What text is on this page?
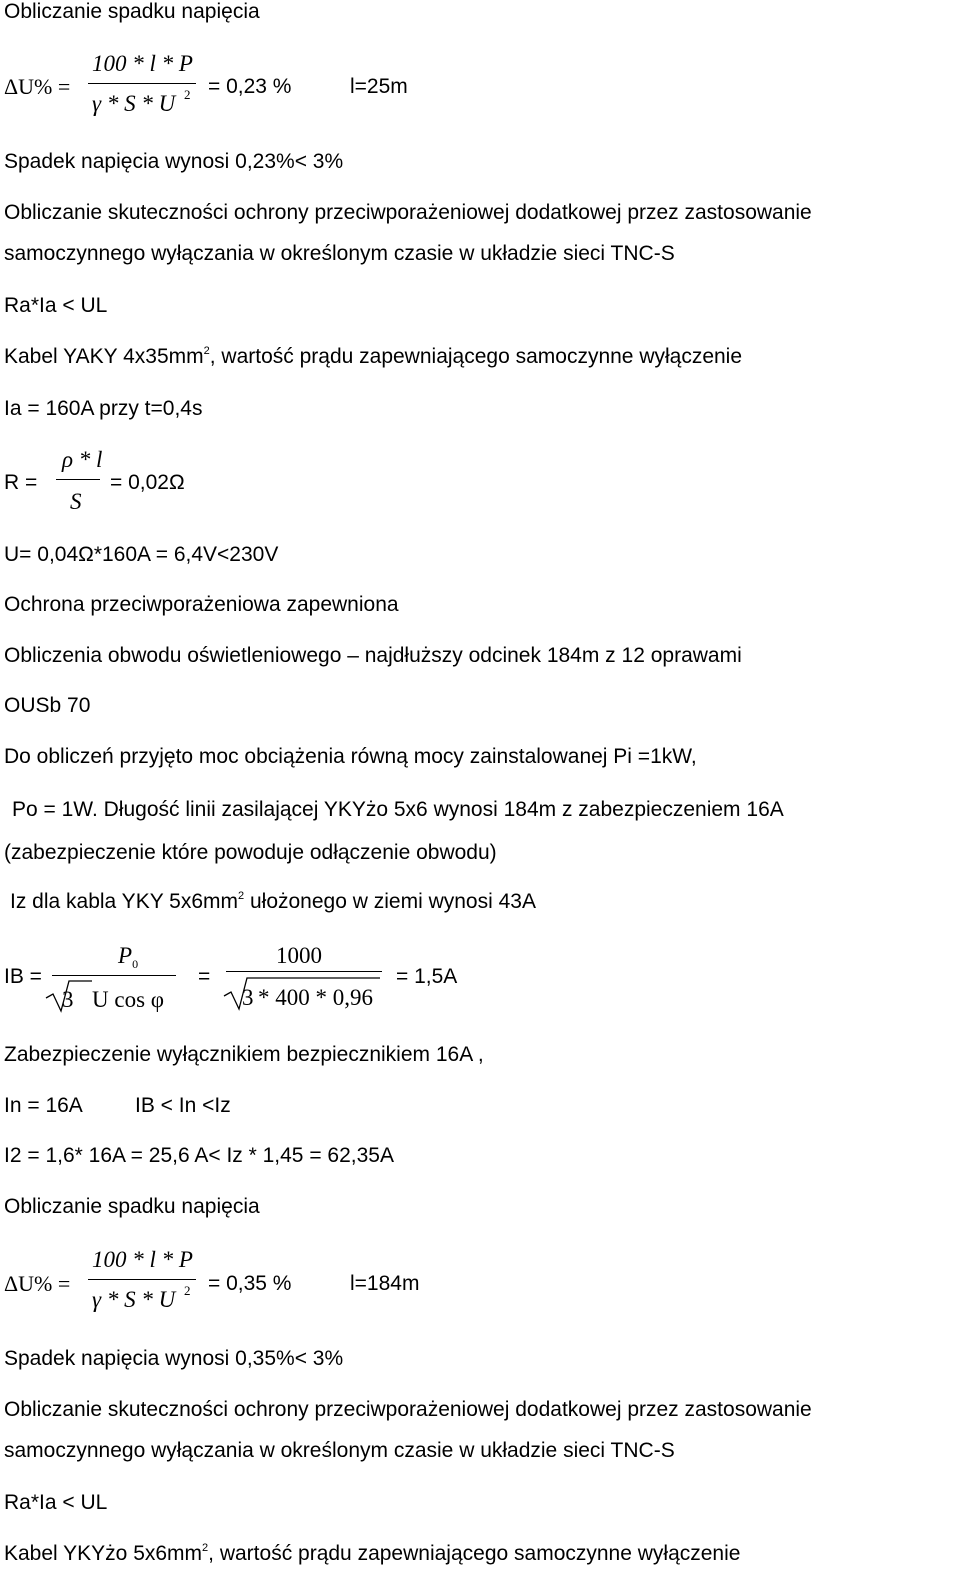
Obliczanie spadku napięcia
ΔU% =
100 * l * P
γ * S * U 2 = 0,23 %	l=25m
Spadek napięcia wynosi 0,23%< 3%
Obliczanie skuteczności ochrony przeciwporażeniowej dodatkowej przez zastosowanie
samoczynnego wyłączania w określonym czasie w układzie sieci TNC-S
Ra*Ia < UL
Kabel YAKY $4x35mm^2$, wartość prądu zapewniającego samoczynne wyłączenie
Ia = 160A przy t=0,4s
R =
ρ * l
S
= 0,02Ω
U= 0,04Ω*160A = 6,4V<230V
Ochrona przeciwporażeniowa zapewniona
Obliczenia obwodu oświetleniowego – najdłuższy odcinek 184m z 12 oprawami
OUSb 70
Do obliczeń przyjęto moc obciążenia równą mocy zainstalowanej Pi =1kW,
Po = 1W. Długość linii zasilającej YKYżo 5x6 wynosi 184m z zabezpieczeniem 16A
(zabezpieczenie które powoduje odłączenie obwodu)
Iz dla kabla YKY $5x6mm^2$ ułożonego w ziemi wynosi 43A
IB =
$P_0$
3 U cos φ
=
1000
3 * 400 * 0,96
= 1,5A
Zabezpieczenie wyłącznikiem bezpiecznikiem 16A ,
In = 16A IB < In <Iz
I2 = 1,6* 16A = 25,6 A< Iz * 1,45 = 62,35A
Obliczanie spadku napięcia
ΔU% =
100 * l * P
γ * S * U 2 = 0,35 %	l=184m
Spadek napięcia wynosi 0,35%< 3%
Obliczanie skuteczności ochrony przeciwporażeniowej dodatkowej przez zastosowanie
samoczynnego wyłączania w określonym czasie w układzie sieci TNC-S
Ra*Ia < UL
Kabel YKYżo $5x6mm^2$, wartość prądu zapewniającego samoczynne wyłączenie
